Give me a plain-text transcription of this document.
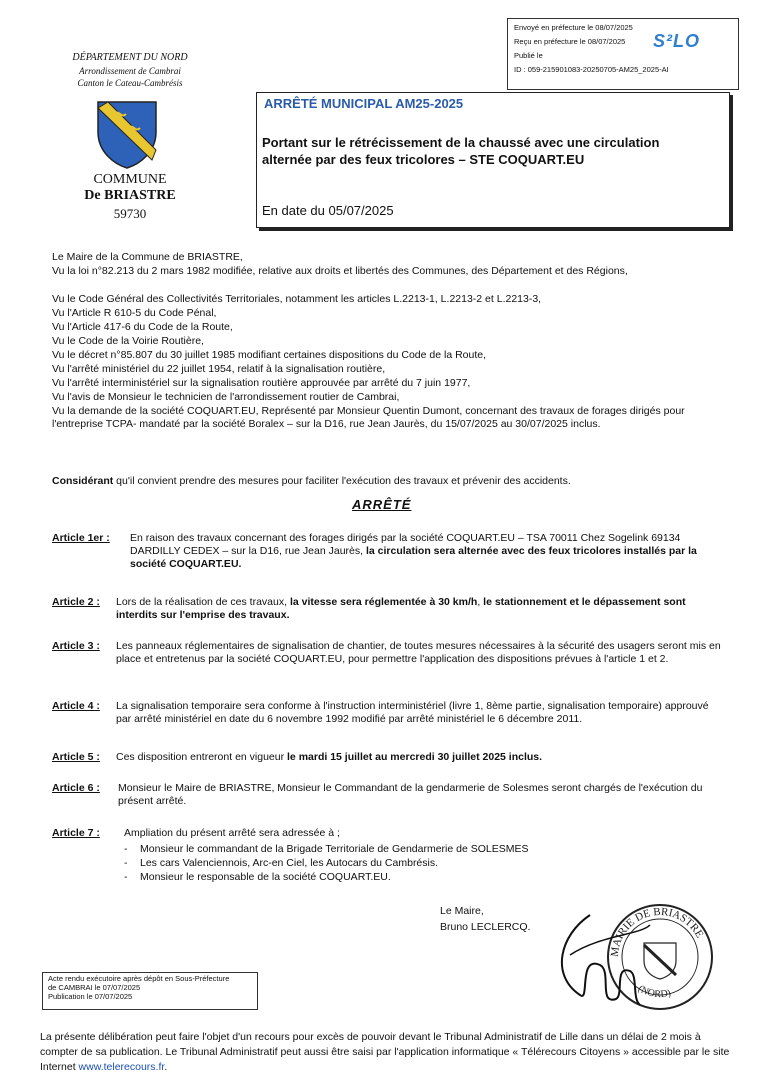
Envoyé en préfecture le 08/07/2025
Reçu en préfecture le 08/07/2025
Publié le
ID : 059-215901083-20250705-AM25_2025-AI
S²LO
DÉPARTEMENT DU NORD
Arrondissement de Cambrai
Canton le Cateau-Cambrésis
COMMUNE
De BRIASTRE
59730
ARRÊTÉ MUNICIPAL AM25-2025
Portant sur le rétrécissement de la chaussé avec une circulation alternée par des feux tricolores – STE COQUART.EU
En date du 05/07/2025
Le Maire de la Commune de BRIASTRE,
Vu la loi n°82.213 du 2 mars 1982 modifiée, relative aux droits et libertés des Communes, des Département et des Régions,
Vu le Code Général des Collectivités Territoriales, notamment les articles L.2213-1, L.2213-2 et L.2213-3,
Vu l'Article R 610-5 du Code Pénal,
Vu l'Article 417-6 du Code de la Route,
Vu le Code de la Voirie Routière,
Vu le décret n°85.807 du 30 juillet 1985 modifiant certaines dispositions du Code de la Route,
Vu l'arrêté ministériel du 22 juillet 1954, relatif à la signalisation routière,
Vu l'arrêté interministériel sur la signalisation routière approuvée par arrêté du 7 juin 1977,
Vu l'avis de Monsieur le technicien de l'arrondissement routier de Cambrai,
Vu la demande de la société COQUART.EU, Représenté par Monsieur Quentin Dumont, concernant des travaux de forages dirigés pour l'entreprise TCPA- mandaté par la société Boralex – sur la D16, rue Jean Jaurès, du 15/07/2025 au 30/07/2025 inclus.
Considérant qu'il convient prendre des mesures pour faciliter l'exécution des travaux et prévenir des accidents.
ARRÊTÉ
Article 1er : En raison des travaux concernant des forages dirigés par la société COQUART.EU – TSA 70011 Chez Sogelink 69134 DARDILLY CEDEX – sur la D16, rue Jean Jaurès, la circulation sera alternée avec des feux tricolores installés par la société COQUART.EU.
Article 2 : Lors de la réalisation de ces travaux, la vitesse sera réglementée à 30 km/h, le stationnement et le dépassement sont interdits sur l'emprise des travaux.
Article 3 : Les panneaux réglementaires de signalisation de chantier, de toutes mesures nécessaires à la sécurité des usagers seront mis en place et entretenus par la société COQUART.EU, pour permettre l'application des dispositions prévues à l'article 1 et 2.
Article 4 : La signalisation temporaire sera conforme à l'instruction interministériel (livre 1, 8ème partie, signalisation temporaire) approuvé par arrêté ministériel en date du 6 novembre 1992 modifié par arrêté ministériel le 6 décembre 2011.
Article 5 : Ces disposition entreront en vigueur le mardi 15 juillet au mercredi 30 juillet 2025 inclus.
Article 6 : Monsieur le Maire de BRIASTRE, Monsieur le Commandant de la gendarmerie de Solesmes seront chargés de l'exécution du présent arrêté.
Article 7 : Ampliation du présent arrêté sera adressée à ;
- Monsieur le commandant de la Brigade Territoriale de Gendarmerie de SOLESMES
- Les cars Valenciennois, Arc-en Ciel, les Autocars du Cambrésis.
- Monsieur le responsable de la société COQUART.EU.
Le Maire,
Bruno LECLERCQ.
MAIRIE DE BRIASTRE
(NORD)
Acte rendu exécutoire après dépôt en Sous-Préfecture
de CAMBRAI le 07/07/2025
Publication le 07/07/2025
La présente délibération peut faire l'objet d'un recours pour excès de pouvoir devant le Tribunal Administratif de Lille dans un délai de 2 mois à compter de sa publication. Le Tribunal Administratif peut aussi être saisi par l'application informatique « Télérecours Citoyens » accessible par le site Internet www.telerecours.fr.
